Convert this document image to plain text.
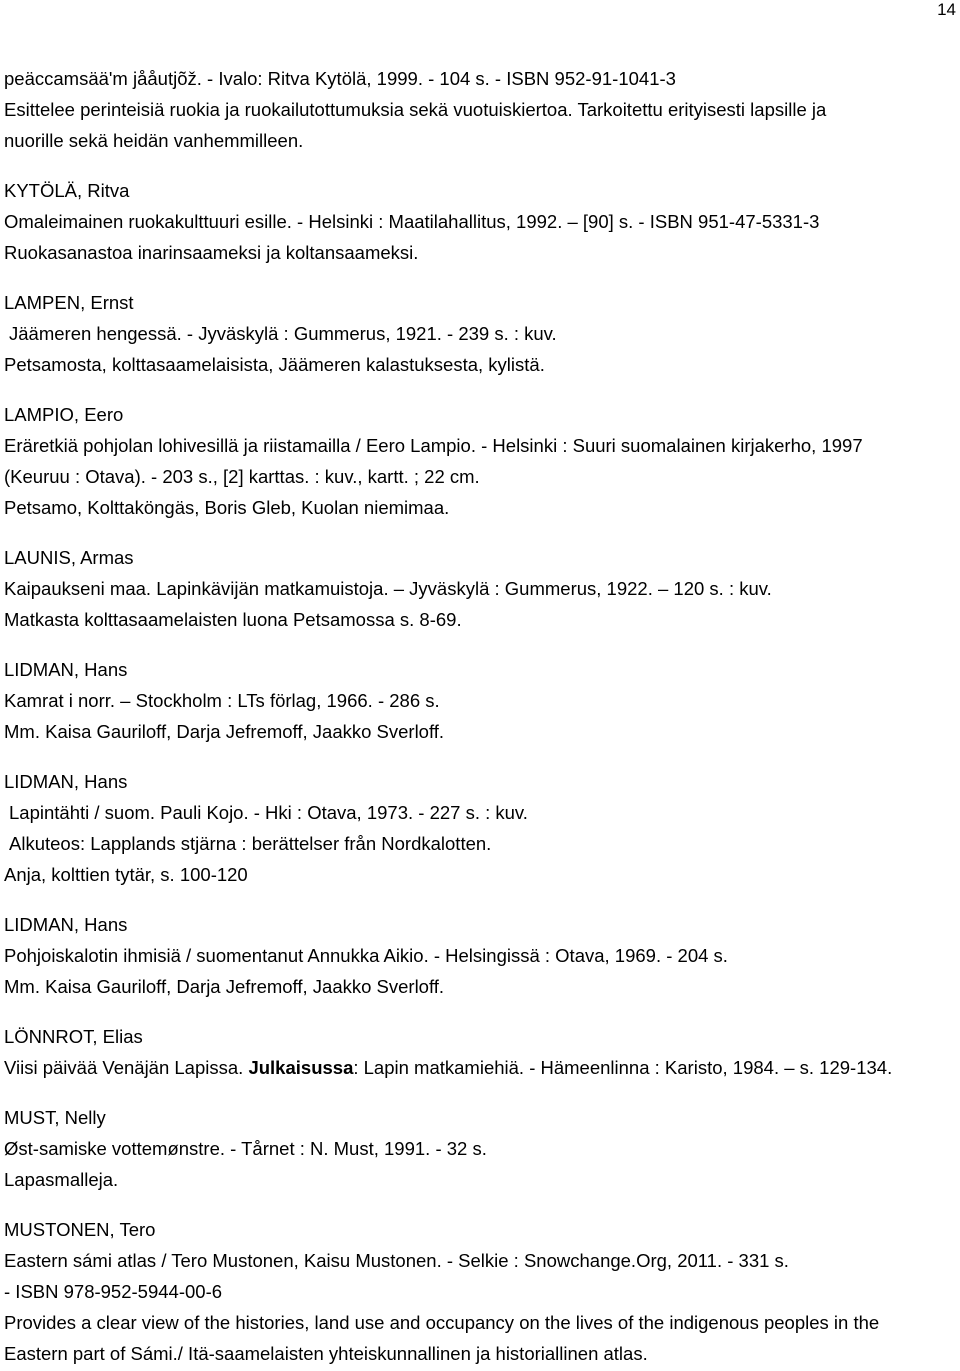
14
peäccamsää'm jååutjõž. - Ivalo: Ritva Kytölä, 1999. - 104 s. - ISBN 952-91-1041-3
Esittelee perinteisiä ruokia ja ruokailutottumuksia sekä vuotuiskiertoa. Tarkoitettu erityisesti lapsille ja
nuorille sekä heidän vanhemmilleen.
KYTÖLÄ, Ritva
Omaleimainen ruokakulttuuri esille. - Helsinki : Maatilahallitus, 1992. – [90] s. - ISBN 951-47-5331-3
Ruokasanastoa inarinsaameksi ja koltansaameksi.
LAMPEN, Ernst
Jäämeren hengessä. - Jyväskylä : Gummerus, 1921. - 239 s. : kuv.
Petsamosta, kolttasaamelaisista, Jäämeren kalastuksesta, kylistä.
LAMPIO, Eero
Eräretkiä pohjolan lohivesillä ja riistamailla / Eero Lampio. - Helsinki : Suuri suomalainen kirjakerho, 1997
(Keuruu : Otava). - 203 s., [2] karttas. : kuv., kartt. ; 22 cm.
Petsamo, Kolttaköngäs, Boris Gleb, Kuolan niemimaa.
LAUNIS, Armas
Kaipaukseni maa. Lapinkävijän matkamuistoja. – Jyväskylä : Gummerus, 1922. – 120 s. : kuv.
Matkasta kolttasaamelaisten luona Petsamossa s. 8-69.
LIDMAN, Hans
Kamrat i norr. – Stockholm : LTs förlag, 1966. - 286 s.
Mm. Kaisa Gauriloff, Darja Jefremoff, Jaakko Sverloff.
LIDMAN, Hans
Lapintähti / suom. Pauli Kojo. - Hki : Otava, 1973. - 227 s. : kuv.
Alkuteos: Lapplands stjärna : berättelser från Nordkalotten.
Anja, kolttien tytär, s. 100-120
LIDMAN, Hans
Pohjoiskalotin ihmisiä / suomentanut Annukka Aikio. - Helsingissä : Otava, 1969. - 204 s.
Mm. Kaisa Gauriloff, Darja Jefremoff, Jaakko Sverloff.
LÖNNROT, Elias
Viisi päivää Venäjän Lapissa. Julkaisussa: Lapin matkamiehiä. - Hämeenlinna : Karisto, 1984. – s. 129-134.
MUST, Nelly
Øst-samiske vottemønstre. - Tårnet : N. Must, 1991. - 32 s.
Lapasmalleja.
MUSTONEN, Tero
Eastern sámi atlas / Tero Mustonen, Kaisu Mustonen. - Selkie : Snowchange.Org, 2011. - 331 s.
- ISBN 978-952-5944-00-6
Provides a clear view of the histories, land use and occupancy on the lives of the indigenous peoples in the
Eastern part of Sámi./ Itä-saamelaisten yhteiskunnallinen ja historiallinen atlas.
